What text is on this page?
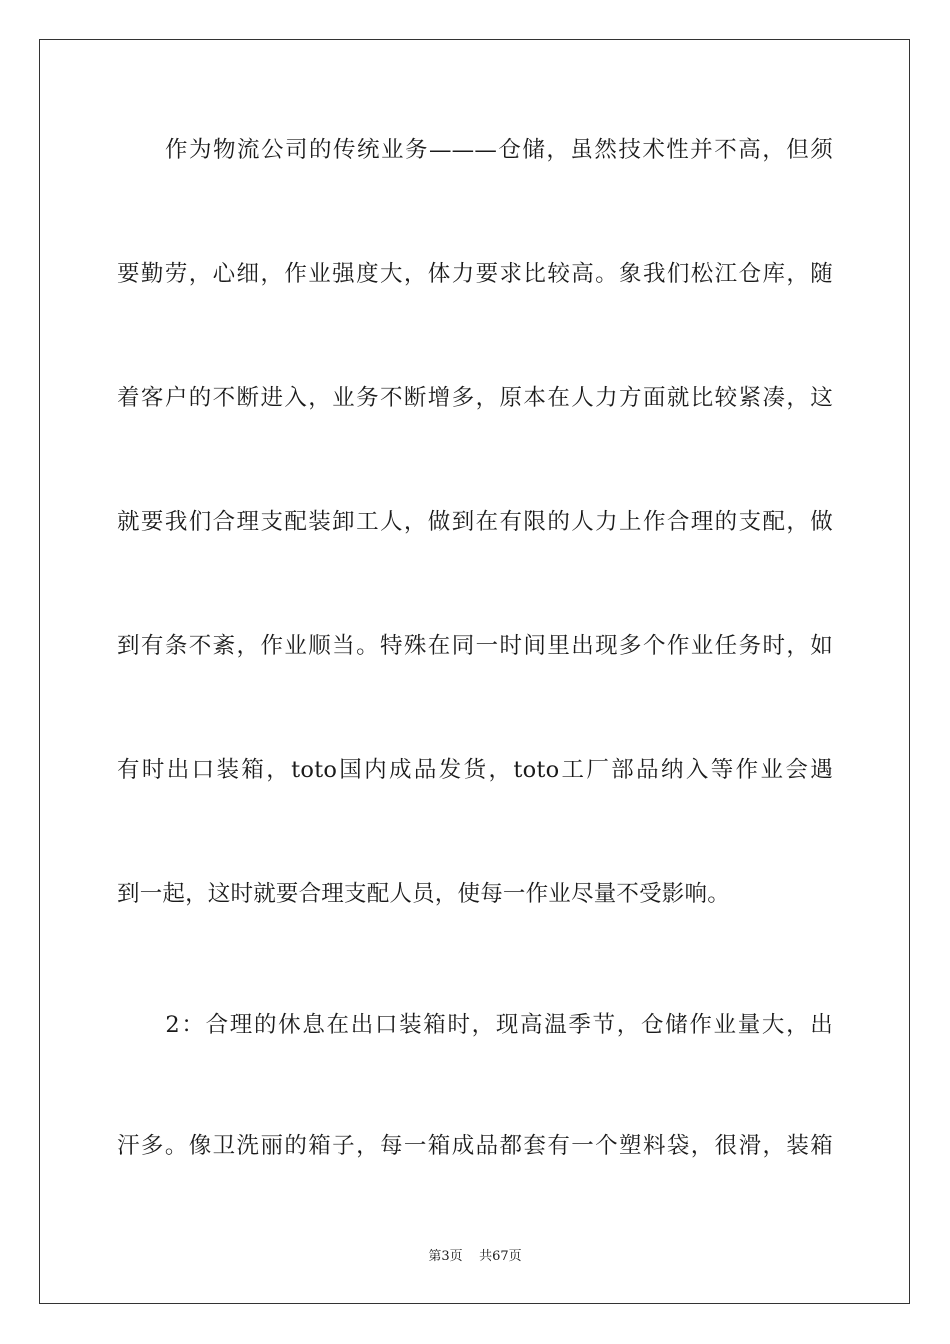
　　作为物流公司的传统业务———仓储，虽然技术性并不高，但须
要勤劳，心细，作业强度大，体力要求比较高。象我们松江仓库，随
着客户的不断进入，业务不断增多，原本在人力方面就比较紧凑，这
就要我们合理支配装卸工人，做到在有限的人力上作合理的支配，做
到有条不紊，作业顺当。特殊在同一时间里出现多个作业任务时，如
有时出口装箱，toto国内成品发货，toto工厂部品纳入等作业会遇
到一起，这时就要合理支配人员，使每一作业尽量不受影响。
　　2：合理的休息在出口装箱时，现高温季节，仓储作业量大，出
汗多。像卫洗丽的箱子，每一箱成品都套有一个塑料袋，很滑，装箱
第3页 共67页
